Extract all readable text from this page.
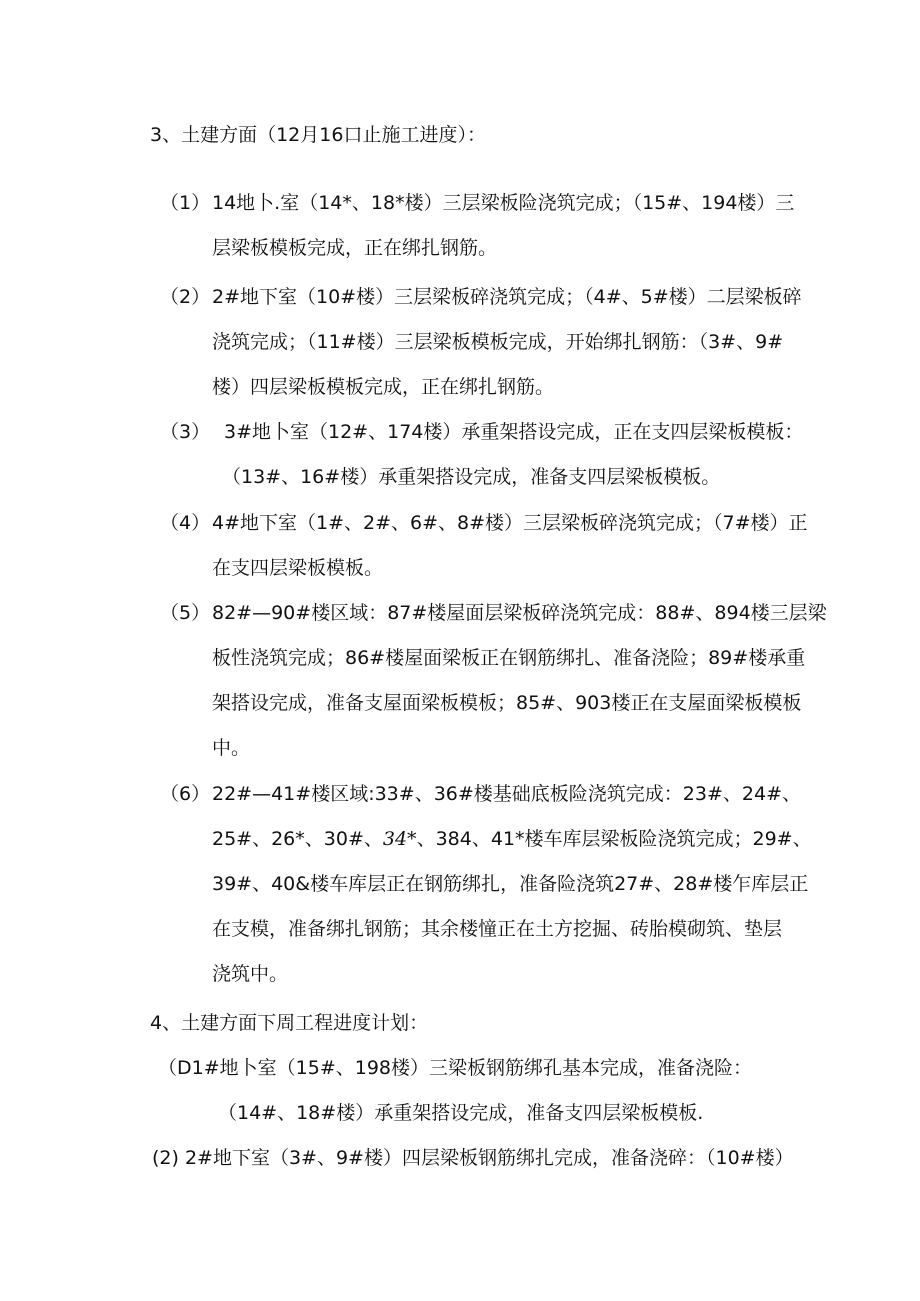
3、土建方面（12月16口止施工进度）：
（1） 14地卜.室（14*、18*楼）三层梁板险浇筑完成；（15#、194楼）三
层梁板模板完成，正在绑扎钢筋。
（2） 2#地下室（10#楼）三层梁板碎浇筑完成；（4#、5#楼）二层梁板碎
浇筑完成；（11#楼）三层梁板模板完成，开始绑扎钢筋：（3#、9#
楼）四层梁板模板完成，正在绑扎钢筋。
（3） 3#地卜室（12#、174楼）承重架搭设完成，正在支四层梁板模板：
（13#、16#楼）承重架搭设完成，准备支四层梁板模板。
（4） 4#地下室（1#、2#、6#、8#楼）三层梁板碎浇筑完成；（7#楼）正
在支四层梁板模板。
（5） 82#—90#楼区域：87#楼屋面层梁板碎浇筑完成：88#、894楼三层梁
板性浇筑完成；86#楼屋面梁板正在钢筋绑扎、准备浇险；89#楼承重
架搭设完成，准备支屋面梁板模板；85#、903楼正在支屋面梁板模板
中。
（6） 22#—41#楼区域:33#、36#楼基础底板险浇筑完成：23#、24#、
25#、26*、30#、34*、384、41*楼车库层梁板险浇筑完成；29#、
39#、40&楼车库层正在钢筋绑扎，准备险浇筑27#、28#楼乍库层正
在支模，准备绑扎钢筋；其余楼憧正在土方挖掘、砖胎模砌筑、垫层
浇筑中。
4、土建方面下周工程进度计划：
（D1#地卜室（15#、198楼）三梁板钢筋绑孔基本完成，准备浇险：
（14#、18#楼）承重架搭设完成，准备支四层梁板模板.
(2) 2#地下室（3#、9#楼）四层梁板钢筋绑扎完成，准备浇碎：（10#楼）
